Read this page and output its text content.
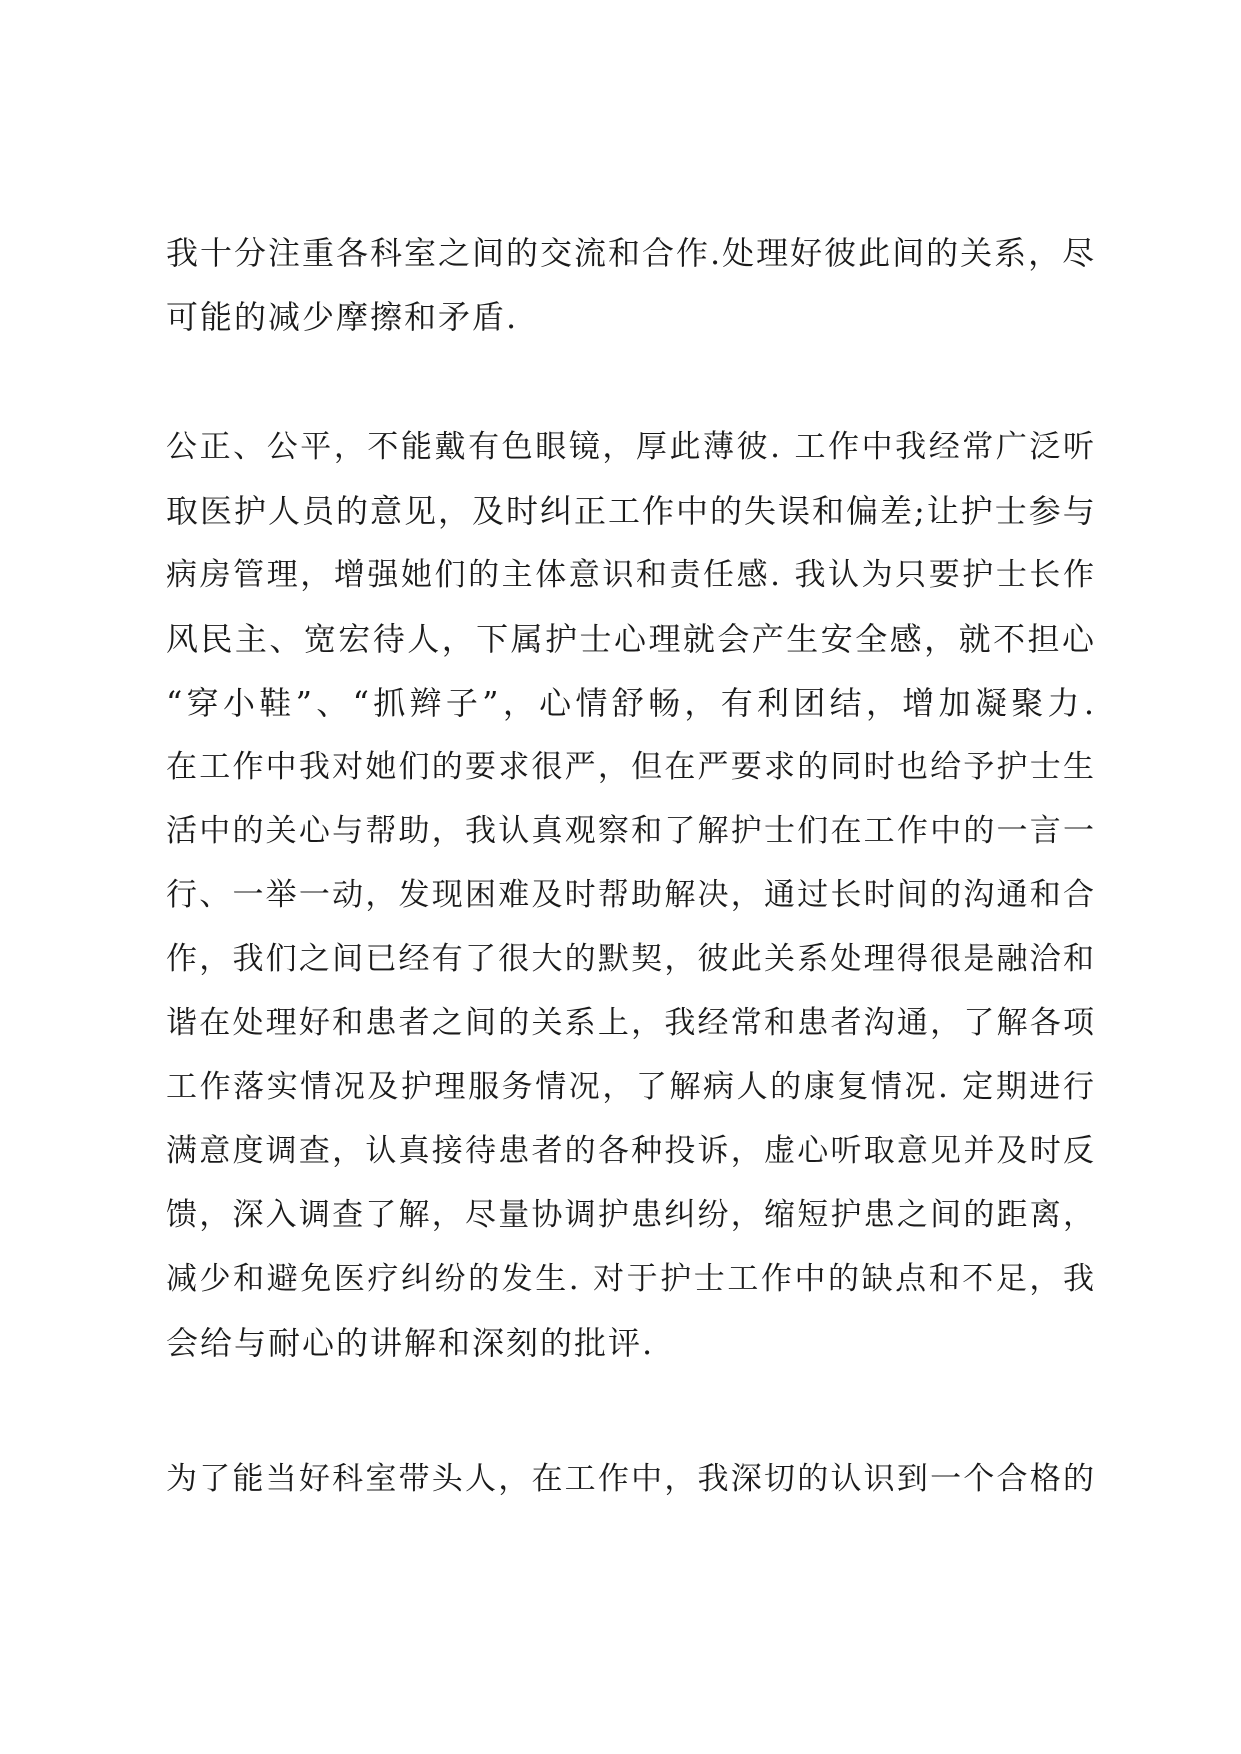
我十分注重各科室之间的交流和合作.处理好彼此间的关系，尽
可能的减少摩擦和矛盾.
公正、公平，不能戴有色眼镜，厚此薄彼. 工作中我经常广泛听
取医护人员的意见，及时纠正工作中的失误和偏差;让护士参与
病房管理，增强她们的主体意识和责任感. 我认为只要护士长作
风民主、宽宏待人，下属护士心理就会产生安全感，就不担心
“穿小鞋”、“抓辫子”，心情舒畅，有利团结，增加凝聚力.
在工作中我对她们的要求很严，但在严要求的同时也给予护士生
活中的关心与帮助，我认真观察和了解护士们在工作中的一言一
行、一举一动，发现困难及时帮助解决，通过长时间的沟通和合
作，我们之间已经有了很大的默契，彼此关系处理得很是融洽和
谐在处理好和患者之间的关系上，我经常和患者沟通，了解各项
工作落实情况及护理服务情况，了解病人的康复情况. 定期进行
满意度调查，认真接待患者的各种投诉，虚心听取意见并及时反
馈，深入调查了解，尽量协调护患纠纷，缩短护患之间的距离，
减少和避免医疗纠纷的发生. 对于护士工作中的缺点和不足，我
会给与耐心的讲解和深刻的批评.
为了能当好科室带头人，在工作中，我深切的认识到一个合格的
